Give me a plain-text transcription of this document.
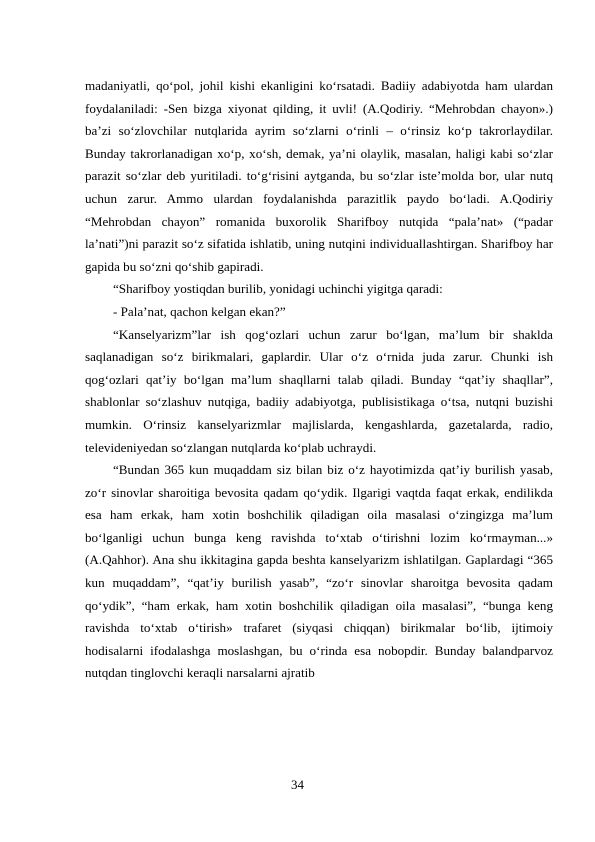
madaniyatli, qo‘pol, johil kishi ekanligini ko‘rsatadi. Badiiy adabiyotda ham ulardan foydalaniladi: -Sen bizga xiyonat qilding, it uvli! (A.Qodiriy. “Mehrobdan chayon».) ba’zi so‘zlovchilar nutqlarida ayrim so‘zlarni o‘rinli – o‘rinsiz ko‘p takrorlaydilar. Bunday takrorlanadigan xo‘p, xo‘sh, demak, ya’ni olaylik, masalan, haligi kabi so‘zlar parazit so‘zlar deb yuritiladi. to‘g‘risini aytganda, bu so‘zlar iste’molda bor, ular nutq uchun zarur. Ammo ulardan foydalanishda parazitlik paydo bo‘ladi. A.Qodiriy “Mehrobdan chayon” romanida buxorolik Sharifboy nutqida “pala’nat» (“padar la’nati”)ni parazit so‘z sifatida ishlatib, uning nutqini individuallashtirgan. Sharifboy har gapida bu so‘zni qo‘shib gapiradi.

“Sharifboy yostiqdan burilib, yonidagi uchinchi yigitga qaradi:

- Pala’nat, qachon kelgan ekan?”

“Kanselyarizm”lar ish qog‘ozlari uchun zarur bo‘lgan, ma’lum bir shaklda saqlanadigan so‘z birikmalari, gaplardir. Ular o‘z o‘rnida juda zarur. Chunki ish qog‘ozlari qat’iy bo‘lgan ma’lum shaqllarni talab qiladi. Bunday “qat’iy shaqllar”, shablonlar so‘zlashuv nutqiga, badiiy adabiyotga, publisistikaga o‘tsa, nutqni buzishi mumkin. O‘rinsiz kanselyarizmlar majlislarda, kengashlarda, gazetalarda, radio, televideniyedan so‘zlangan nutqlarda ko‘plab uchraydi.

“Bundan 365 kun muqaddam siz bilan biz o‘z hayotimizda qat’iy burilish yasab, zo‘r sinovlar sharoitiga bevosita qadam qo‘ydik. Ilgarigi vaqtda faqat erkak, endilikda esa ham erkak, ham xotin boshchilik qiladigan oila masalasi o‘zingizga ma’lum bo‘lganligi uchun bunga keng ravishda to‘xtab o‘tirishni lozim ko‘rmayman...» (A.Qahhor). Ana shu ikkitagina gapda beshta kanselyarizm ishlatilgan. Gaplardagi “365 kun muqaddam”, “qat’iy burilish yasab”, “zo‘r sinovlar sharoitga bevosita qadam qo‘ydik”, “ham erkak, ham xotin boshchilik qiladigan oila masalasi”, “bunga keng ravishda to‘xtab o‘tirish» trafaret (siyqasi chiqqan) birikmalar bo‘lib, ijtimoiy hodisalarni ifodalashga moslashgan, bu o‘rinda esa nobopdir. Bunday balandparvoz nutqdan tinglovchi keraqli narsalarni ajratib

34
